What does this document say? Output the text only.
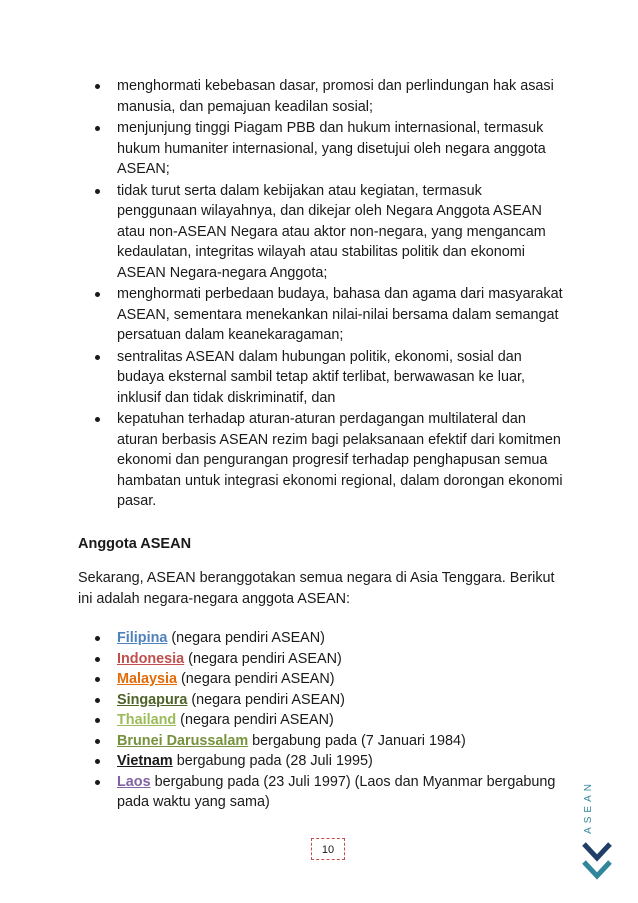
menghormati kebebasan dasar, promosi dan perlindungan hak asasi manusia, dan pemajuan keadilan sosial;
menjunjung tinggi Piagam PBB dan hukum internasional, termasuk hukum humaniter internasional, yang disetujui oleh negara anggota ASEAN;
tidak turut serta dalam kebijakan atau kegiatan, termasuk penggunaan wilayahnya, dan dikejar oleh Negara Anggota ASEAN atau non-ASEAN Negara atau aktor non-negara, yang mengancam kedaulatan, integritas wilayah atau stabilitas politik dan ekonomi ASEAN Negara-negara Anggota;
menghormati perbedaan budaya, bahasa dan agama dari masyarakat ASEAN, sementara menekankan nilai-nilai bersama dalam semangat persatuan dalam keanekaragaman;
sentralitas ASEAN dalam hubungan politik, ekonomi, sosial dan budaya eksternal sambil tetap aktif terlibat, berwawasan ke luar, inklusif dan tidak diskriminatif, dan
kepatuhan terhadap aturan-aturan perdagangan multilateral dan aturan berbasis ASEAN rezim bagi pelaksanaan efektif dari komitmen ekonomi dan pengurangan progresif terhadap penghapusan semua hambatan untuk integrasi ekonomi regional, dalam dorongan ekonomi pasar.
Anggota ASEAN
Sekarang, ASEAN beranggotakan semua negara di Asia Tenggara. Berikut ini adalah negara-negara anggota ASEAN:
Filipina (negara pendiri ASEAN)
Indonesia (negara pendiri ASEAN)
Malaysia (negara pendiri ASEAN)
Singapura (negara pendiri ASEAN)
Thailand (negara pendiri ASEAN)
Brunei Darussalam bergabung pada (7 Januari 1984)
Vietnam bergabung pada (28 Juli 1995)
Laos bergabung pada (23 Juli 1997) (Laos dan Myanmar bergabung pada waktu yang sama)
10
ASEAN
